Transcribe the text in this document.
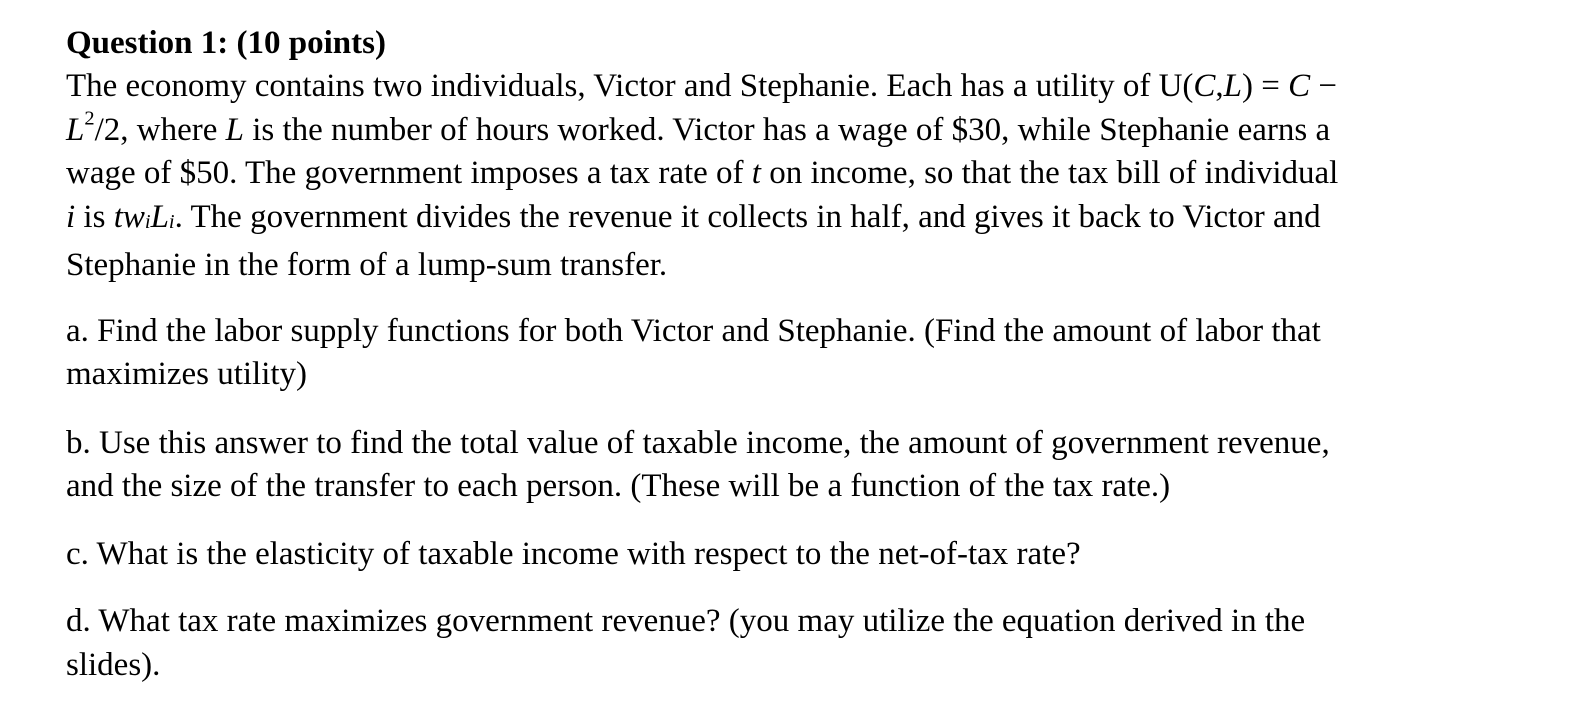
Question 1: (10 points)

The economy contains two individuals, Victor and Stephanie. Each has a utility of U(C,L) = C −
$L^2/2$, where L is the number of hours worked. Victor has a wage of $30, while Stephanie earns a
wage of $50. The government imposes a tax rate of t on income, so that the tax bill of individual
i is twiLi. The government divides the revenue it collects in half, and gives it back to Victor and
Stephanie in the form of a lump-sum transfer.

a. Find the labor supply functions for both Victor and Stephanie. (Find the amount of labor that
maximizes utility)

b. Use this answer to find the total value of taxable income, the amount of government revenue,
and the size of the transfer to each person. (These will be a function of the tax rate.)

c. What is the elasticity of taxable income with respect to the net-of-tax rate?

d. What tax rate maximizes government revenue? (you may utilize the equation derived in the
slides).
